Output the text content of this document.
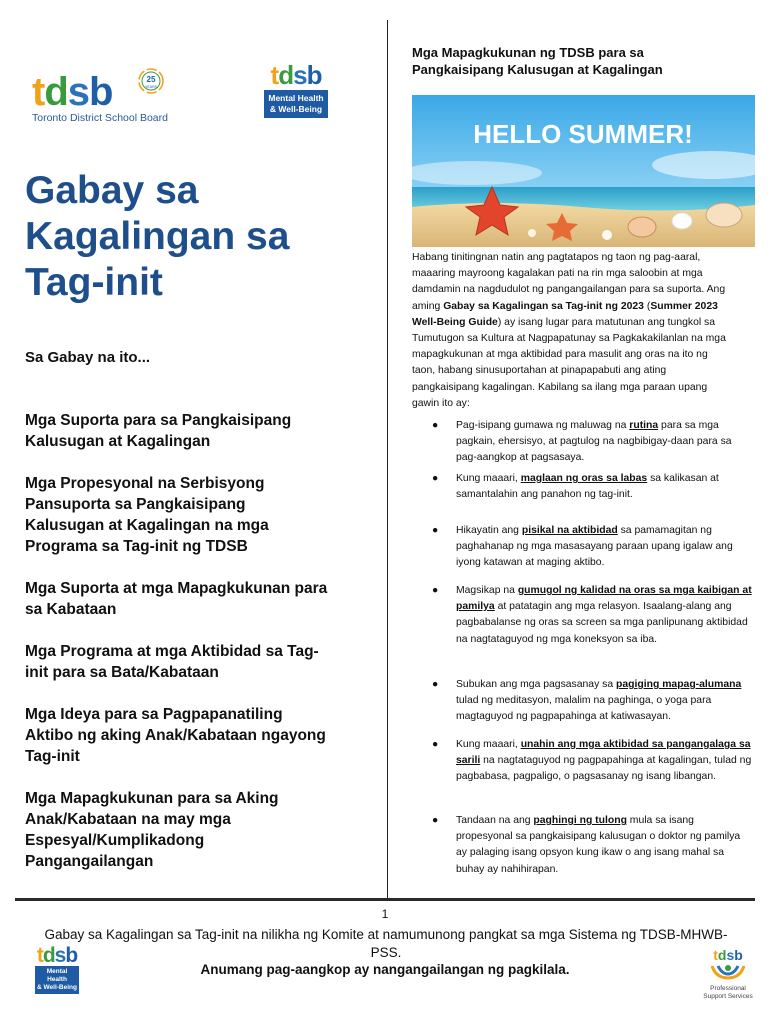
tdsb	25
YEARS
Toronto District School Board
tdsb
Mental Health
& Well-Being
Gabay sa
Kagalingan sa
Tag-init
Sa Gabay na ito...
Mga Suporta para sa Pangkaisipang
Kalusugan at Kagalingan
Mga Propesyonal na Serbisyong
Pansuporta sa Pangkaisipang
Kalusugan at Kagalingan na mga
Programa sa Tag-init ng TDSB
Mga Suporta at mga Mapagkukunan para
sa Kabataan
Mga Programa at mga Aktibidad sa Tag-
init para sa Bata/Kabataan
Mga Ideya para sa Pagpapanatiling
Aktibo ng aking Anak/Kabataan ngayong
Tag-init
Mga Mapagkukunan para sa Aking
Anak/Kabataan na may mga
Espesyal/Kumplikadong
Pangangailangan
Mga Mapagkukunan ng TDSB para sa
Pangkaisipang Kalusugan at Kagalingan
HELLO SUMMER!
Habang tinitingnan natin ang pagtatapos ng taon ng pag-aaral,
maaaring mayroong kagalakan pati na rin mga saloobin at mga
damdamin na nagdudulot ng pangangailangan para sa suporta. Ang
aming Gabay sa Kagalingan sa Tag-init ng 2023 (Summer 2023
Well-Being Guide) ay isang lugar para matutunan ang tungkol sa
Tumutugon sa Kultura at Nagpapatunay sa Pagkakakilanlan na mga
mapagkukunan at mga aktibidad para masulit ang oras na ito ng
taon, habang sinusuportahan at pinapapabuti ang ating
pangkaisipang kagalingan. Kabilang sa ilang mga paraan upang
gawin ito ay:
● Pag-isipang gumawa ng maluwag na rutina para sa mga pagkain, ehersisyo, at pagtulog na nagbibigay-daan para sa pag-aangkop at pagsasaya.
● Kung maaari, maglaan ng oras sa labas sa kalikasan at samantalahin ang panahon ng tag-init.
● Hikayatin ang pisikal na aktibidad sa pamamagitan ng paghahanap ng mga masasayang paraan upang igalaw ang iyong katawan at maging aktibo.
● Magsikap na gumugol ng kalidad na oras sa mga kaibigan at pamilya at patatagin ang mga relasyon. Isaalang-alang ang pagbabalanse ng oras sa screen sa mga panlipunang aktibidad na nagtataguyod ng mga koneksyon sa iba.
● Subukan ang mga pagsasanay sa pagiging mapag-alumana tulad ng meditasyon, malalim na paghinga, o yoga para magtaguyod ng pagpapahinga at katiwasayan.
● Kung maaari, unahin ang mga aktibidad sa pangangalaga sa sarili na nagtataguyod ng pagpapahinga at kagalingan, tulad ng pagbabasa, pagpaligo, o pagsasanay ng isang libangan.
● Tandaan na ang paghingi ng tulong mula sa isang propesyonal sa pangkaisipang kalusugan o doktor ng pamilya ay palaging isang opsyon kung ikaw o ang isang mahal sa buhay ay nahihirapan.
1
Gabay sa Kagalingan sa Tag-init na nilikha ng Komite at namumunong pangkat sa mga Sistema ng TDSB-MHWB-PSS.
Anumang pag-aangkop ay nangangailangan ng pagkilala.
tdsb
Mental Health
& Well-Being
tdsb
Professional
Support Services
